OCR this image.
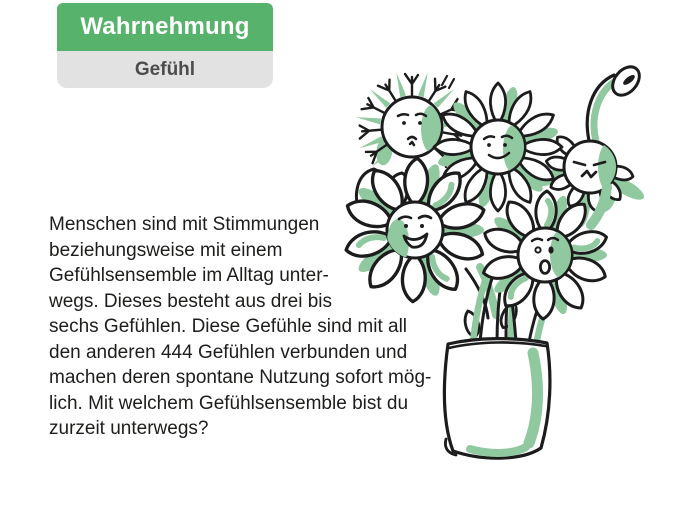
Wahrnehmung
Gefühl
Menschen sind mit Stimmungen
beziehungsweise mit einem
Gefühlsensemble im Alltag unter-
wegs. Dieses besteht aus drei bis
sechs Gefühlen. Diese Gefühle sind mit all
den anderen 444 Gefühlen verbunden und
machen deren spontane Nutzung sofort mög-
lich. Mit welchem Gefühlsensemble bist du
zurzeit unterwegs?
